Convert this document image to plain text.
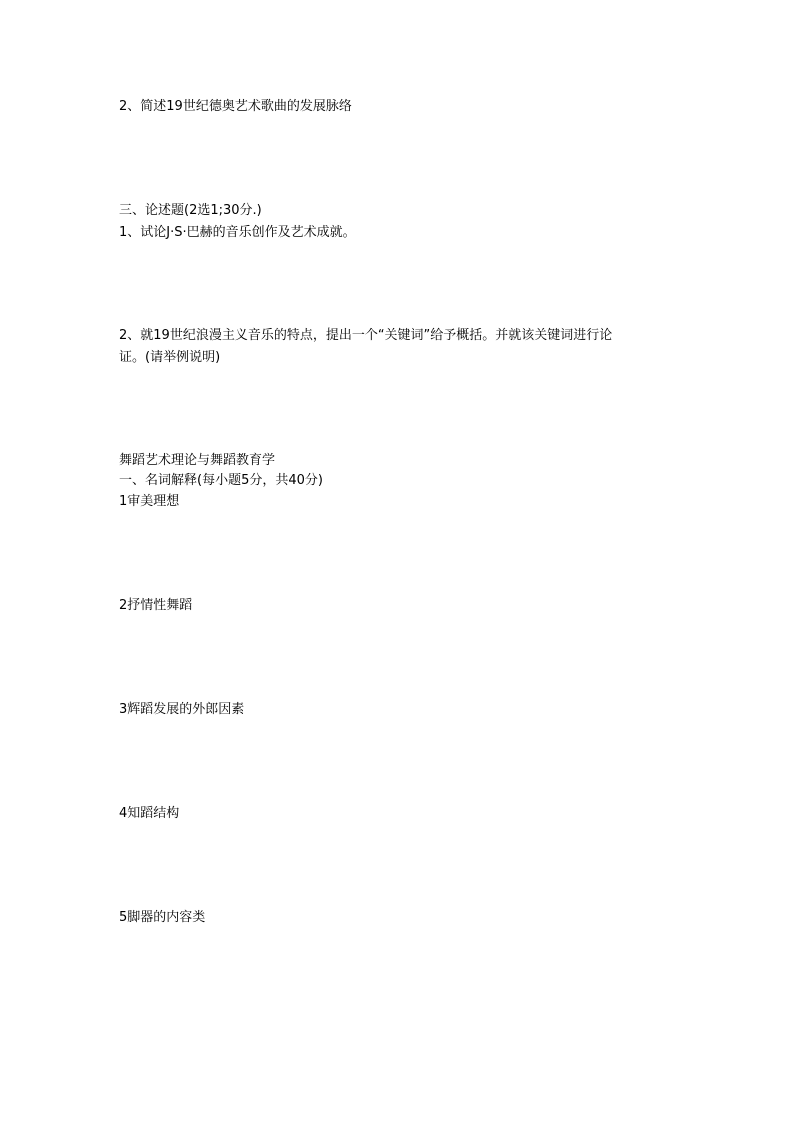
2、简述19世纪德奥艺术歌曲的发展脉络
三、论述题(2选1;30分.)
1、试论J·S·巴赫的音乐创作及艺术成就。
2、就19世纪浪漫主义音乐的特点，提出一个“关键词”给予概括。并就该关键词进行论
证。(请举例说明)
舞蹈艺术理论与舞蹈教育学
一、名词解释(每小题5分，共40分)
1审美理想
2抒情性舞蹈
3辉蹈发展的外郎因素
4知蹈结构
5脚器的内容类
